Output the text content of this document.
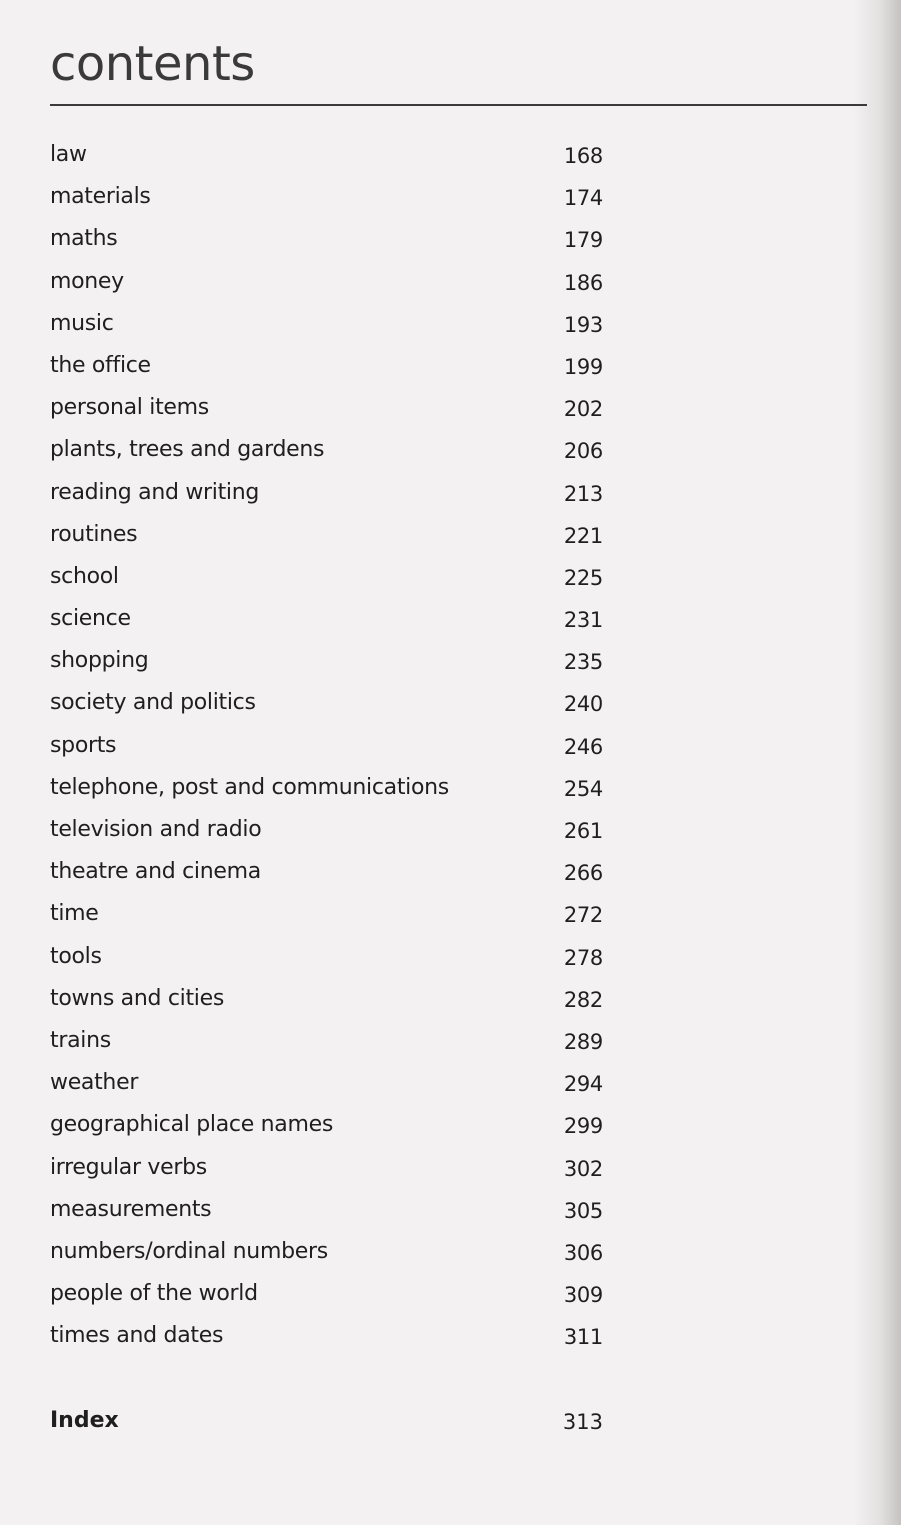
contents
law	168
materials	174
maths	179
money	186
music	193
the office	199
personal items	202
plants, trees and gardens	206
reading and writing	213
routines	221
school	225
science	231
shopping	235
society and politics	240
sports	246
telephone, post and communications	254
television and radio	261
theatre and cinema	266
time	272
tools	278
towns and cities	282
trains	289
weather	294
geographical place names	299
irregular verbs	302
measurements	305
numbers/ordinal numbers	306
people of the world	309
times and dates	311
Index	313
